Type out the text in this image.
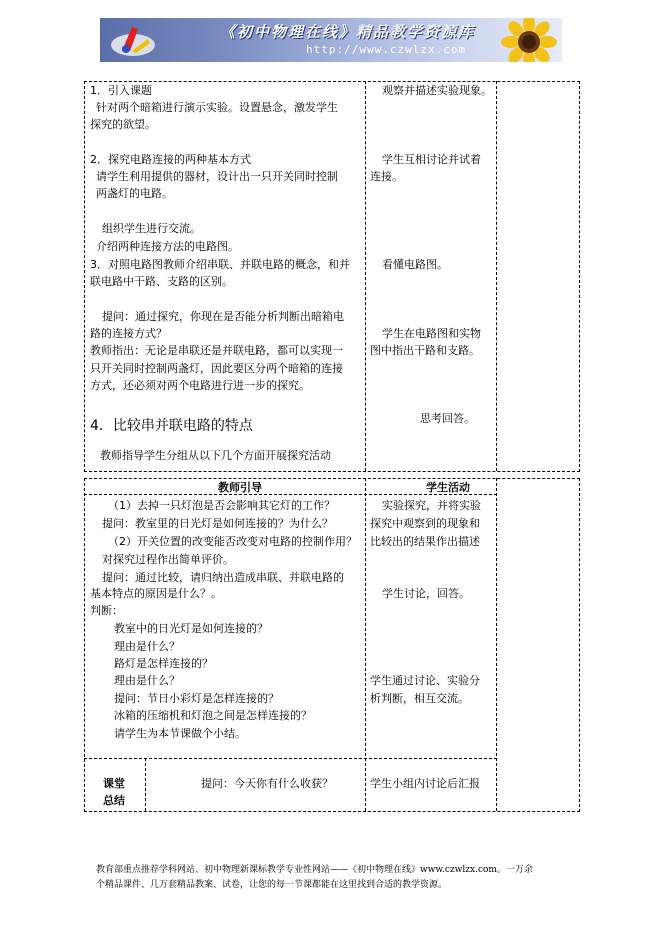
《初中物理在线》精品教学资源库
http://www.czwlzx.com
1．引入课题
针对两个暗箱进行演示实验。设置悬念，激发学生
探究的欲望。
2．探究电路连接的两种基本方式
请学生利用提供的器材，设计出一只开关同时控制
两盏灯的电路。
组织学生进行交流。
介绍两种连接方法的电路图。
3．对照电路图教师介绍串联、并联电路的概念，和并
联电路中干路、支路的区别。
提问：通过探究，你现在是否能分析判断出暗箱电
路的连接方式？
教师指出：无论是串联还是并联电路，都可以实现一
只开关同时控制两盏灯，因此要区分两个暗箱的连接
方式，还必须对两个电路进行进一步的探究。
4．比较串并联电路的特点
教师指导学生分组从以下几个方面开展探究活动
观察并描述实验现象。
学生互相讨论并试着
连接。
看懂电路图。
学生在电路图和实物
图中指出干路和支路。
思考回答。
教师引导	学生活动
（1）去掉一只灯泡是否会影响其它灯的工作？
提问：教室里的日光灯是如何连接的？为什么？
（2）开关位置的改变能否改变对电路的控制作用？
对探究过程作出简单评价。
提问：通过比较，请归纳出造成串联、并联电路的
基本特点的原因是什么？。
判断：
教室中的日光灯是如何连接的？
理由是什么？
路灯是怎样连接的？
理由是什么？
提问：节日小彩灯是怎样连接的？
冰箱的压缩机和灯泡之间是怎样连接的？
请学生为本节课做个小结。
实验探究，并将实验
探究中观察到的现象和
比较出的结果作出描述
学生讨论，回答。
学生通过讨论、实验分
析判断，相互交流。
课堂
总结
提问：今天你有什么收获？	学生小组内讨论后汇报
教育部重点推荐学科网站、初中物理新课标教学专业性网站——《初中物理在线》www.czwlzx.com。一万余
个精品课件、几万套精品教案、试卷，让您的每一节课都能在这里找到合适的教学资源。
